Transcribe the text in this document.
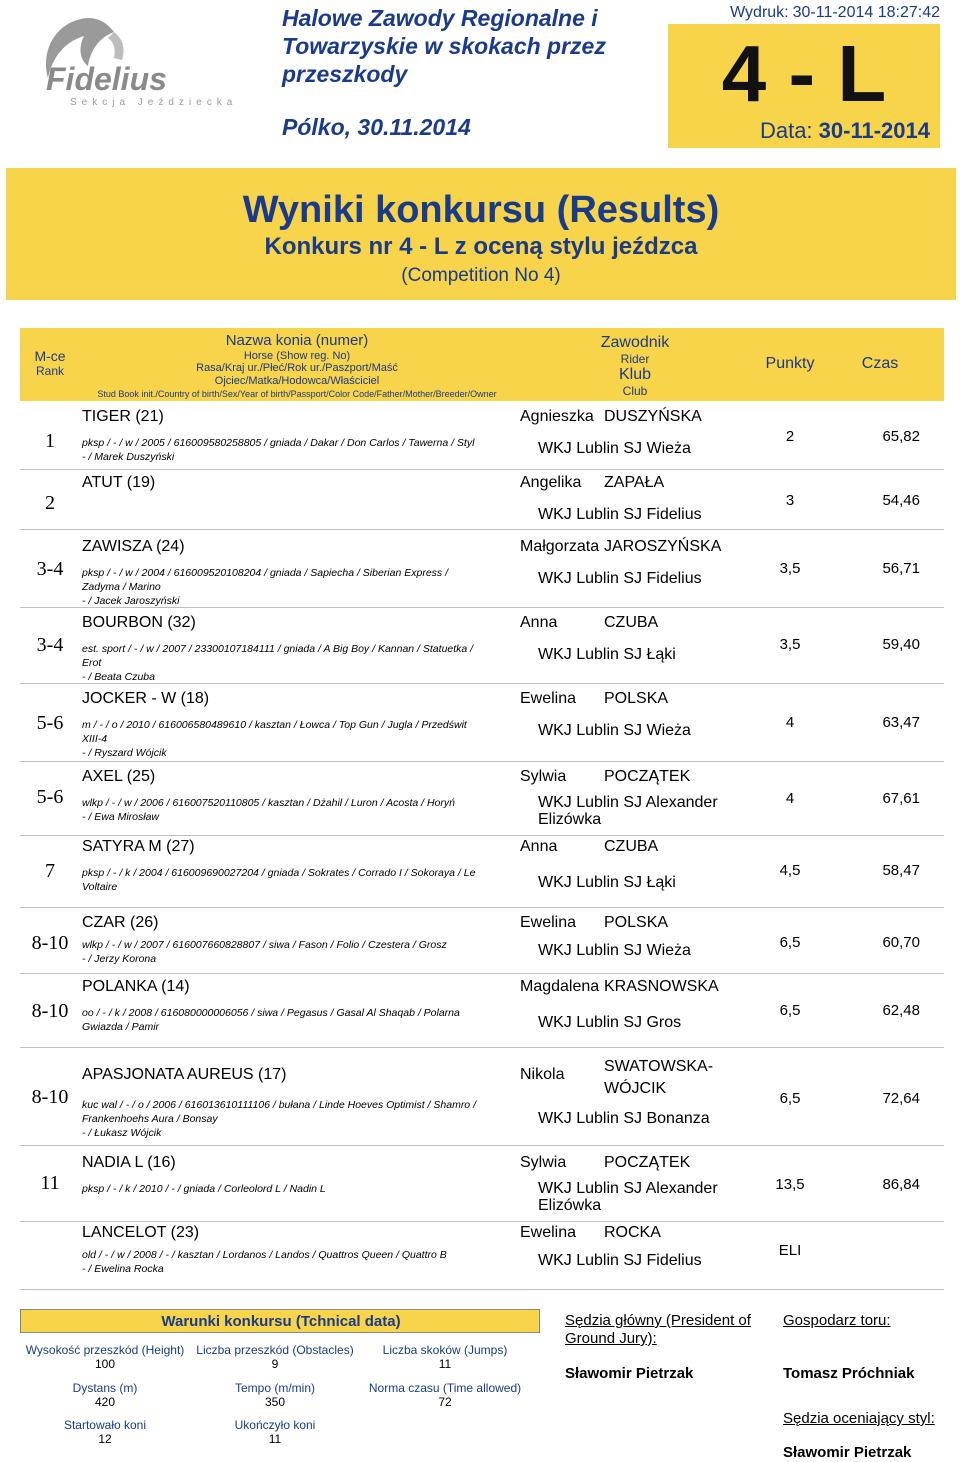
Fidelius
Sekcja Jeździecka
Halowe Zawody Regionalne i Towarzyskie w skokach przez przeszkody
Pólko, 30.11.2014
Wydruk: 30-11-2014 18:27:42
4 - L
Data: 30-11-2014
Wyniki konkursu (Results)
Konkurs nr 4 - L z oceną stylu jeźdzca
(Competition No 4)
M-ce
Rank
Nazwa konia (numer)
Horse (Show reg. No)
Rasa/Kraj ur./Płeć/Rok ur./Paszport/Maść
Ojciec/Matka/Hodowca/Właściciel
Stud Book init./Country of birth/Sex/Year of birth/Passport/Color Code/Father/Mother/Breeder/Owner
Zawodnik
Rider
Klub
Club
Punkty	Czas
1
TIGER (21)
pksp / - / w / 2005 / 616009580258805 / gniada / Dakar / Don Carlos / Tawerna / Styl
- / Marek Duszyński
Agnieszka DUSZYŃSKA
WKJ Lublin SJ Wieża
2	65,82
2
ATUT (19)	Angelika ZAPAŁA
WKJ Lublin SJ Fidelius
3	54,46
3-4
ZAWISZA (24)
pksp / - / w / 2004 / 616009520108204 / gniada / Sapiecha / Siberian Express /
Zadyma / Marino
- / Jacek Jaroszyński
Małgorzata JAROSZYŃSKA
WKJ Lublin SJ Fidelius
3,5	56,71
3-4
BOURBON (32)
est. sport / - / w / 2007 / 23300107184111 / gniada / A Big Boy / Kannan / Statuetka /
Erot
- / Beata Czuba
Anna	CZUBA
WKJ Lublin SJ Łąki
3,5	59,40
5-6
JOCKER - W (18)
m / - / o / 2010 / 616006580489610 / kasztan / Łowca / Top Gun / Jugla / Przedświt
XIII-4
- / Ryszard Wójcik
Ewelina POLSKA
WKJ Lublin SJ Wieża	4	63,47
5-6
AXEL (25)
wlkp / - / w / 2006 / 616007520110805 / kasztan / Dżahil / Luron / Acosta / Horyń
- / Ewa Mirosław
Sylwia POCZĄTEK
WKJ Lublin SJ Alexander Elizówka
4	67,61
7
SATYRA M (27)
pksp / - / k / 2004 / 616009690027204 / gniada / Sokrates / Corrado I / Sokoraya / Le
Voltaire
Anna	CZUBA
WKJ Lublin SJ Łąki
4,5	58,47
8-10
CZAR (26)
wlkp / - / w / 2007 / 616007660828807 / siwa / Fason / Folio / Czestera / Grosz
- / Jerzy Korona
Ewelina POLSKA
WKJ Lublin SJ Wieża	6,5	60,70
8-10
POLANKA (14)
oo / - / k / 2008 / 616080000006056 / siwa / Pegasus / Gasal Al Shaqab / Polarna
Gwiazda / Pamir
Magdalena KRASNOWSKA
WKJ Lublin SJ Gros
6,5	62,48
8-10
APASJONATA AUREUS (17)
kuc wal / - / o / 2006 / 616013610111106 / bułana / Linde Hoeves Optimist / Shamro /
Frankenhoehs Aura / Bonsay
- / Łukasz Wójcik
Nikola SWATOWSKA-WÓJCIK
WKJ Lublin SJ Bonanza
6,5	72,64
11
NADIA L (16)
pksp / - / k / 2010 / - / gniada / Corleolord L / Nadin L
Sylwia POCZĄTEK
WKJ Lublin SJ Alexander Elizówka
13,5	86,84
LANCELOT (23)
old / - / w / 2008 / - / kasztan / Lordanos / Landos / Quattros Queen / Quattro B
- / Ewelina Rocka
Ewelina ROCKA
WKJ Lublin SJ Fidelius
ELI
Warunki konkursu (Tchnical data)
Wysokość przeszkód (Height)
100
Liczba przeszkód (Obstacles)
9
Liczba skoków (Jumps)
11
Dystans (m)
420
Tempo (m/min)
350
Norma czasu (Time allowed)
72
Startowało koni
12
Ukończyło koni
11
Sędzia główny (President of Ground Jury):
Sławomir Pietrzak
Gospodarz toru:
Tomasz Próchniak
Sędzia oceniający styl:
Sławomir Pietrzak
